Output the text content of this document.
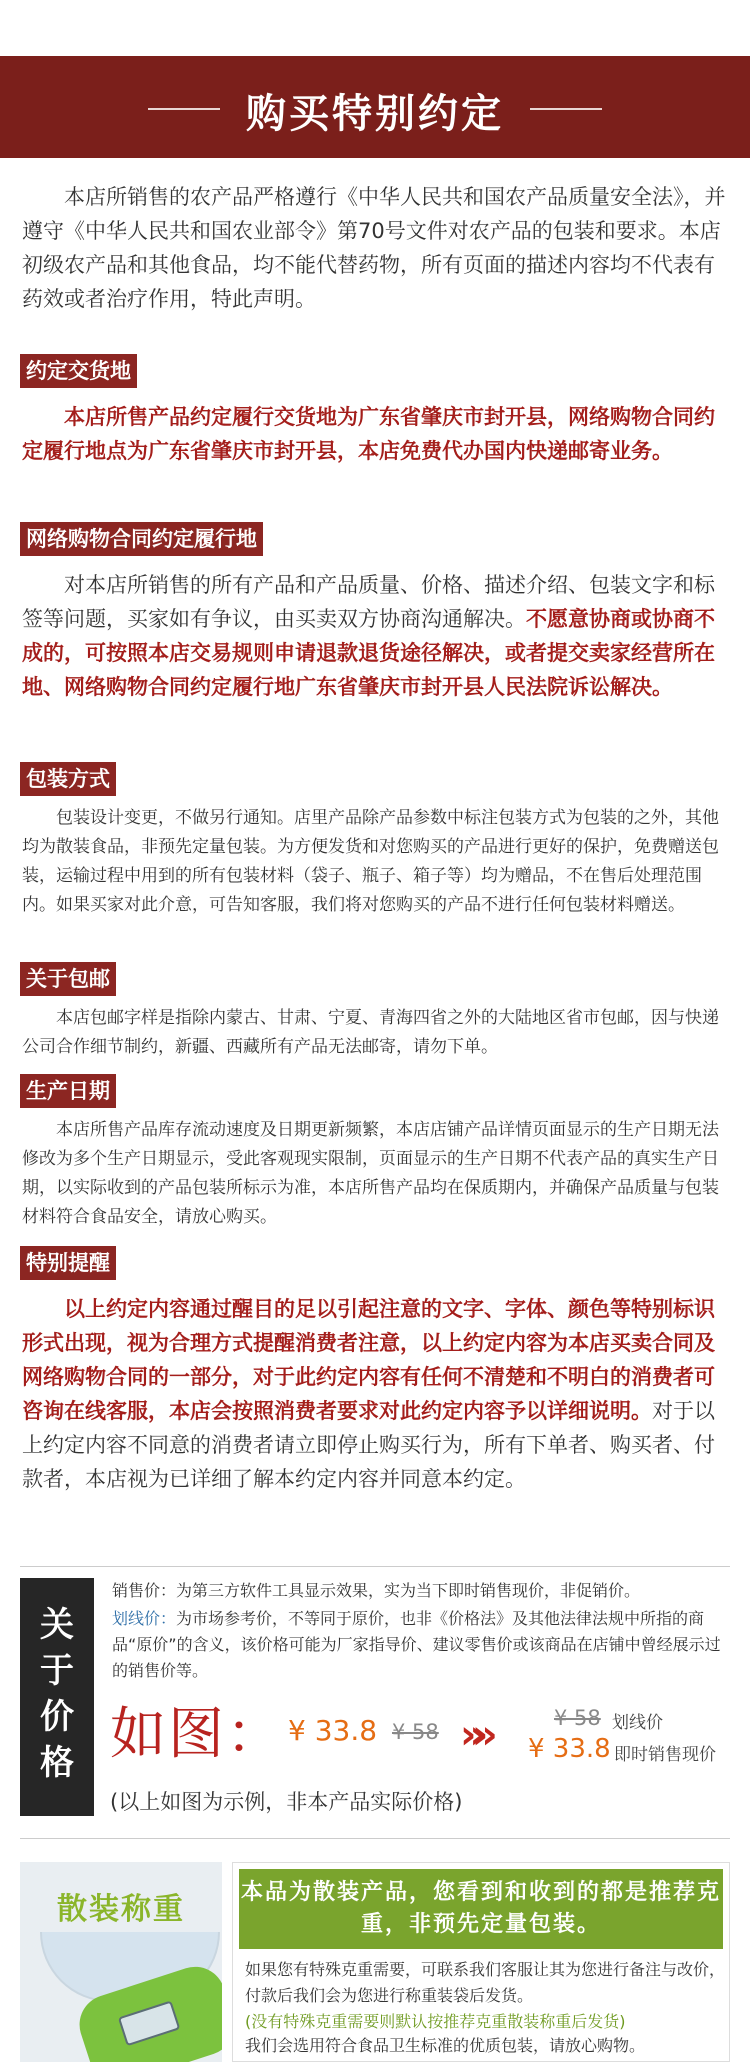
购买特别约定

本店所销售的农产品严格遵行《中华人民共和国农产品质量安全法》，并遵守《中华人民共和国农业部令》第70号文件对农产品的包装和要求。本店初级农产品和其他食品，均不能代替药物，所有页面的描述内容均不代表有药效或者治疗作用，特此声明。

约定交货地

本店所售产品约定履行交货地为广东省肇庆市封开县，网络购物合同约定履行地点为广东省肇庆市封开县，本店免费代办国内快递邮寄业务。

网络购物合同约定履行地

对本店所销售的所有产品和产品质量、价格、描述介绍、包装文字和标签等问题，买家如有争议，由买卖双方协商沟通解决。不愿意协商或协商不成的，可按照本店交易规则申请退款退货途径解决，或者提交卖家经营所在地、网络购物合同约定履行地广东省肇庆市封开县人民法院诉讼解决。

包装方式

包装设计变更，不做另行通知。店里产品除产品参数中标注包装方式为包装的之外，其他均为散装食品，非预先定量包装。为方便发货和对您购买的产品进行更好的保护，免费赠送包装，运输过程中用到的所有包装材料（袋子、瓶子、箱子等）均为赠品，不在售后处理范围内。如果买家对此介意，可告知客服，我们将对您购买的产品不进行任何包装材料赠送。

关于包邮

本店包邮字样是指除内蒙古、甘肃、宁夏、青海四省之外的大陆地区省市包邮，因与快递公司合作细节制约，新疆、西藏所有产品无法邮寄，请勿下单。

生产日期

本店所售产品库存流动速度及日期更新频繁，本店店铺产品详情页面显示的生产日期无法修改为多个生产日期显示，受此客观现实限制，页面显示的生产日期不代表产品的真实生产日期，以实际收到的产品包装所标示为准，本店所售产品均在保质期内，并确保产品质量与包装材料符合食品安全，请放心购买。

特别提醒

以上约定内容通过醒目的足以引起注意的文字、字体、颜色等特别标识形式出现，视为合理方式提醒消费者注意，以上约定内容为本店买卖合同及网络购物合同的一部分，对于此约定内容有任何不清楚和不明白的消费者可咨询在线客服，本店会按照消费者要求对此约定内容予以详细说明。对于以上约定内容不同意的消费者请立即停止购买行为，所有下单者、购买者、付款者，本店视为已详细了解本约定内容并同意本约定。

关
于
价
格

销售价：为第三方软件工具显示效果，实为当下即时销售现价，非促销价。

划线价：为市场参考价，不等同于原价，也非《价格法》及其他法律法规中所指的商品“原价”的含义，该价格可能为厂家指导价、建议零售价或该商品在店铺中曾经展示过的销售价等。

如图： ¥ 33.8 ¥ 58 »»	¥ 58 划线价
¥ 33.8 即时销售现价
(以上如图为示例，非本产品实际价格)
散装称重	本品为散装产品，您看到和收到的都是推荐克重，非预先定量包装。

如果您有特殊克重需要，可联系我们客服让其为您进行备注与改价，付款后我们会为您进行称重装袋后发货。

(没有特殊克重需要则默认按推荐克重散装称重后发货)

我们会选用符合食品卫生标准的优质包装，请放心购物。
